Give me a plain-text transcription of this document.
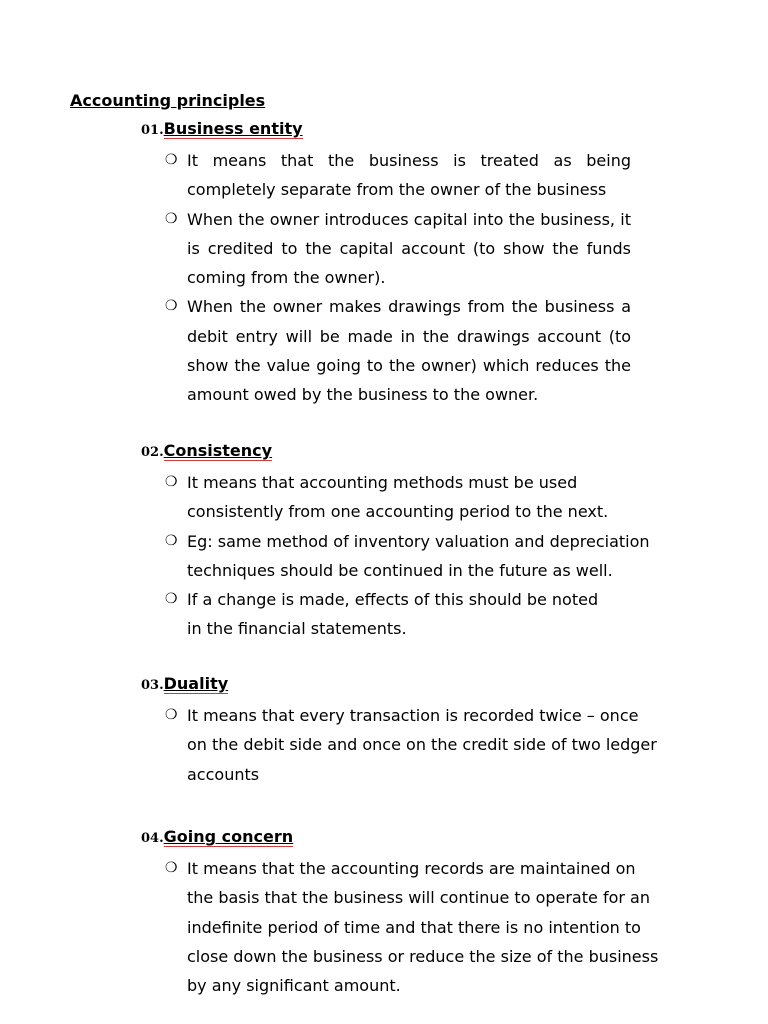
Accounting principles
01.Business entity
❍ It means that the business is treated as being completely separate from the owner of the business
❍ When the owner introduces capital into the business, it is credited to the capital account (to show the funds coming from the owner).
❍ When the owner makes drawings from the business a debit entry will be made in the drawings account (to show the value going to the owner) which reduces the amount owed by the business to the owner.
02.Consistency
❍ It means that accounting methods must be used consistently from one accounting period to the next.
❍ Eg: same method of inventory valuation and depreciation techniques should be continued in the future as well.
❍ If a change is made, effects of this should be noted in the financial statements.
03.Duality
❍ It means that every transaction is recorded twice – once on the debit side and once on the credit side of two ledger accounts
04.Going concern
❍ It means that the accounting records are maintained on the basis that the business will continue to operate for an indefinite period of time and that there is no intention to close down the business or reduce the size of the business by any significant amount.
